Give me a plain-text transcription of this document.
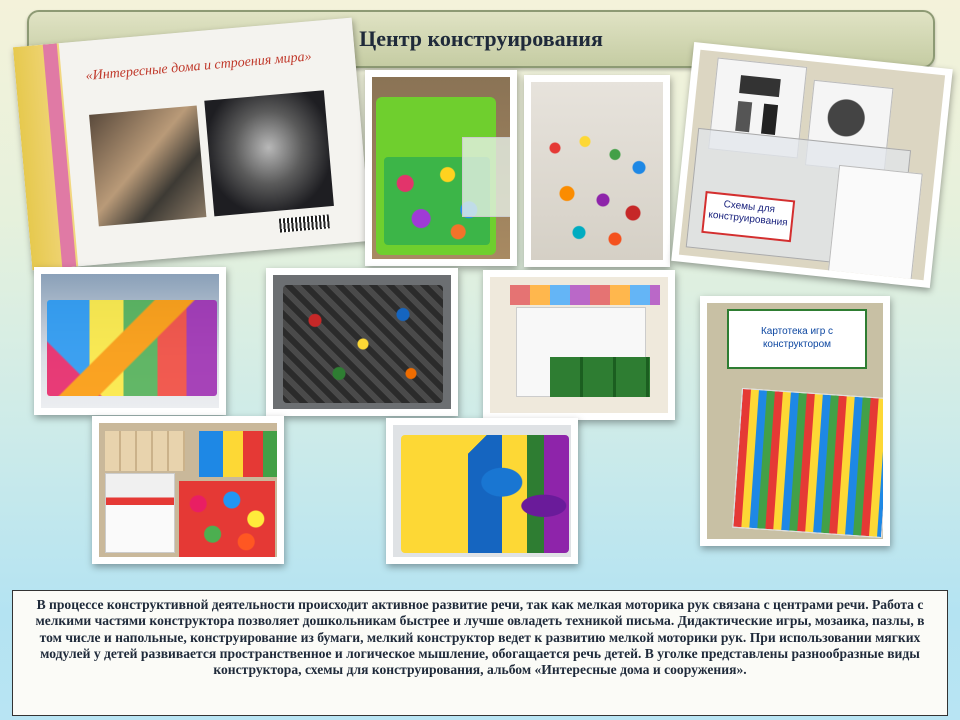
Центр конструирования
«Интересные дома и строения мира»
Схемы для конструирования
Картотека игр с конструктором

В процессе конструктивной деятельности происходит активное развитие речи, так как мелкая моторика рук связана с центрами речи. Работа с мелкими частями конструктора позволяет дошкольникам быстрее и лучше овладеть техникой письма. Дидактические игры, мозаика, пазлы, в том числе и напольные, конструирование из бумаги, мелкий конструктор ведет к развитию мелкой моторики рук. При использовании мягких модулей у детей развивается пространственное и логическое мышление, обогащается речь детей. В уголке представлены разнообразные виды конструктора, схемы для конструирования, альбом «Интересные дома и сооружения».
